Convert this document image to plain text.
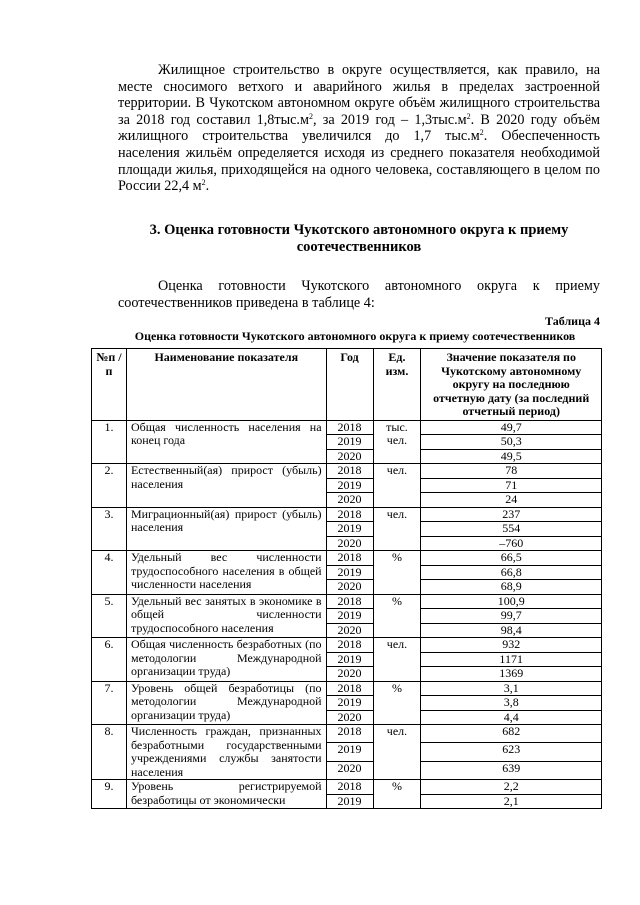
Жилищное строительство в округе осуществляется, как правило, на месте сносимого ветхого и аварийного жилья в пределах застроенной территории. В Чукотском автономном округе объём жилищного строительства за 2018 год составил $1,8тыс.м^2$, за 2019 год – $1,3тыс.м^2$. В 2020 году объём жилищного строительства увеличился до 1,7 $тыс.м^2$. Обеспеченность населения жильём определяется исходя из среднего показателя необходимой площади жилья, приходящейся на одного человека, составляющего в целом по России 22,4 $м^2$.

3. Оценка готовности Чукотского автономного округа к приему
соотечественников

Оценка готовности Чукотского автономного округа к приему соотечественников приведена в таблице 4:

Таблица 4
Оценка готовности Чукотского автономного округа к приему соотечественников
№п /п	Наименование показателя	Год	Ед. изм.	Значение показателя по Чукотскому автономному округу на последнюю отчетную дату (за последний отчетный период)
1.	Общая численность населения на конец года	2018	тыс. чел.	49,7
		2019		50,3
		2020		49,5
2.	Естественный(ая) прирост (убыль) населения	2018	чел.	78
		2019		71
		2020		24
3.	Миграционный(ая) прирост (убыль) населения	2018	чел.	237
		2019		554
		2020		–760
4.	Удельный вес численности трудоспособного населения в общей численности населения	2018	%	66,5
		2019		66,8
		2020		68,9
5.	Удельный вес занятых в экономике в общей численности трудоспособного населения	2018	%	100,9
		2019		99,7
		2020		98,4
6.	Общая численность безработных (по методологии Международной организации труда)	2018	чел.	932
		2019		1171
		2020		1369
7.	Уровень общей безработицы (по методологии Международной организации труда)	2018	%	3,1
		2019		3,8
		2020		4,4
8.	Численность граждан, признанных безработными государственными учреждениями службы занятости населения	2018	чел.	682
		2019		623
		2020		639
9.	Уровень регистрируемой безработицы от экономически	2018	%	2,2
		2019		2,1
